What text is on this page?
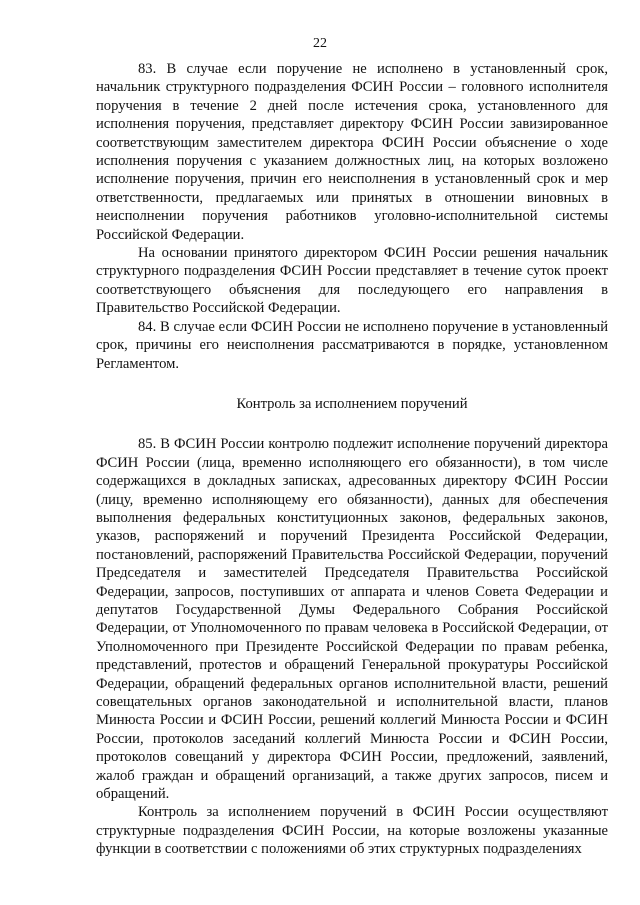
22

83. В случае если поручение не исполнено в установленный срок, начальник структурного подразделения ФСИН России – головного исполнителя поручения в течение 2 дней после истечения срока, установленного для исполнения поручения, представляет директору ФСИН России завизированное соответствующим заместителем директора ФСИН России объяснение о ходе исполнения поручения с указанием должностных лиц, на которых возложено исполнение поручения, причин его неисполнения в установленный срок и мер ответственности, предлагаемых или принятых в отношении виновных в неисполнении поручения работников уголовно-исполнительной системы Российской Федерации.

На основании принятого директором ФСИН России решения начальник структурного подразделения ФСИН России представляет в течение суток проект соответствующего объяснения для последующего его направления в Правительство Российской Федерации.

84. В случае если ФСИН России не исполнено поручение в установленный срок, причины его неисполнения рассматриваются в порядке, установленном Регламентом.

Контроль за исполнением поручений

85. В ФСИН России контролю подлежит исполнение поручений директора ФСИН России (лица, временно исполняющего его обязанности), в том числе содержащихся в докладных записках, адресованных директору ФСИН России (лицу, временно исполняющему его обязанности), данных для обеспечения выполнения федеральных конституционных законов, федеральных законов, указов, распоряжений и поручений Президента Российской Федерации, постановлений, распоряжений Правительства Российской Федерации, поручений Председателя и заместителей Председателя Правительства Российской Федерации, запросов, поступивших от аппарата и членов Совета Федерации и депутатов Государственной Думы Федерального Собрания Российской Федерации, от Уполномоченного по правам человека в Российской Федерации, от Уполномоченного при Президенте Российской Федерации по правам ребенка, представлений, протестов и обращений Генеральной прокуратуры Российской Федерации, обращений федеральных органов исполнительной власти, решений совещательных органов законодательной и исполнительной власти, планов Минюста России и ФСИН России, решений коллегий Минюста России и ФСИН России, протоколов заседаний коллегий Минюста России и ФСИН России, протоколов совещаний у директора ФСИН России, предложений, заявлений, жалоб граждан и обращений организаций, а также других запросов, писем и обращений.

Контроль за исполнением поручений в ФСИН России осуществляют структурные подразделения ФСИН России, на которые возложены указанные функции в соответствии с положениями об этих структурных подразделениях
